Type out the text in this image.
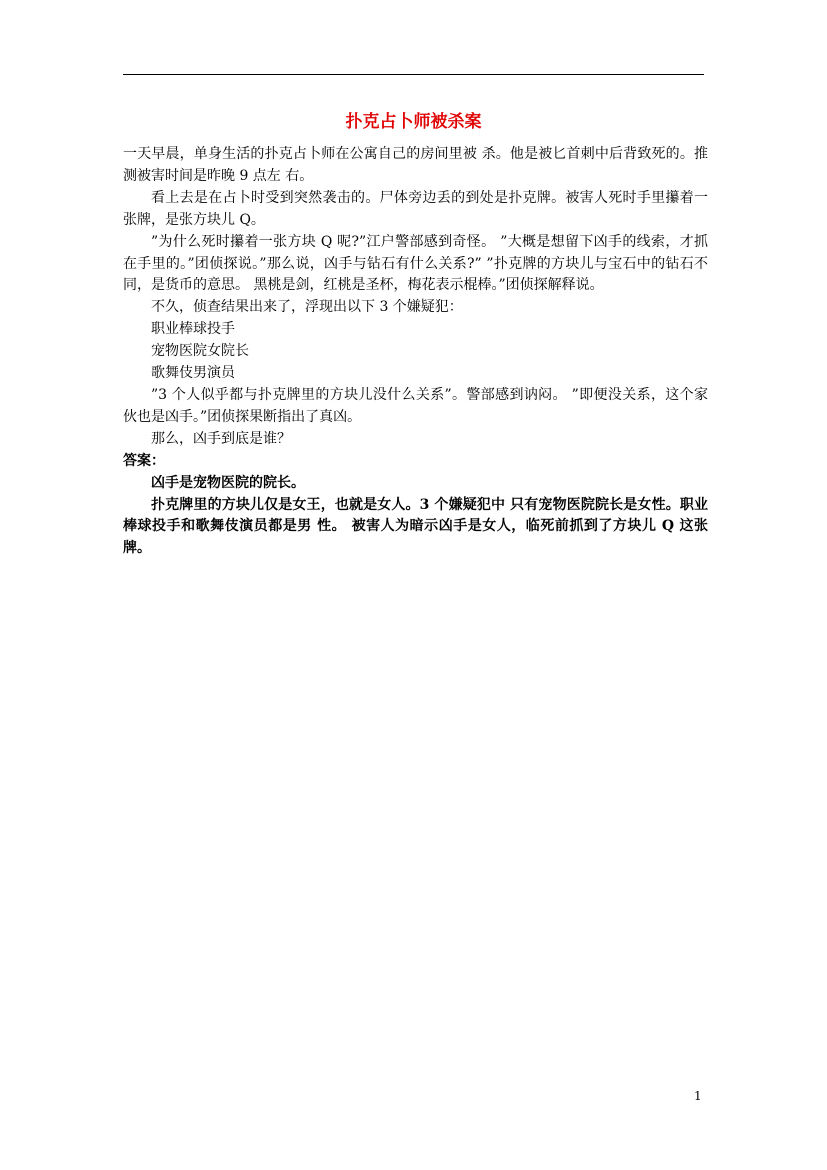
扑克占卜师被杀案

一天早晨，单身生活的扑克占卜师在公寓自己的房间里被 杀。他是被匕首刺中后背致死的。推测被害时间是昨晚 9 点左 右。

看上去是在占卜时受到突然袭击的。尸体旁边丢的到处是扑克牌。被害人死时手里攥着一张牌，是张方块儿 Q。

”为什么死时攥着一张方块 Q 呢?”江户警部感到奇怪。 ”大概是想留下凶手的线索，才抓在手里的。”团侦探说。”那么说，凶手与钻石有什么关系?” ”扑克牌的方块儿与宝石中的钻石不同，是货币的意思。 黑桃是剑，红桃是圣杯，梅花表示棍棒。”团侦探解释说。

不久，侦查结果出来了，浮现出以下 3 个嫌疑犯：

职业棒球投手

宠物医院女院长

歌舞伎男演员

”3 个人似乎都与扑克牌里的方块儿没什么关系”。警部感到讷闷。 ”即便没关系，这个家伙也是凶手。”团侦探果断指出了真凶。

那么，凶手到底是谁？

答案：

凶手是宠物医院的院长。

扑克牌里的方块儿仅是女王，也就是女人。3 个嫌疑犯中 只有宠物医院院长是女性。职业棒球投手和歌舞伎演员都是男 性。 被害人为暗示凶手是女人，临死前抓到了方块儿 Q 这张 牌。

1
